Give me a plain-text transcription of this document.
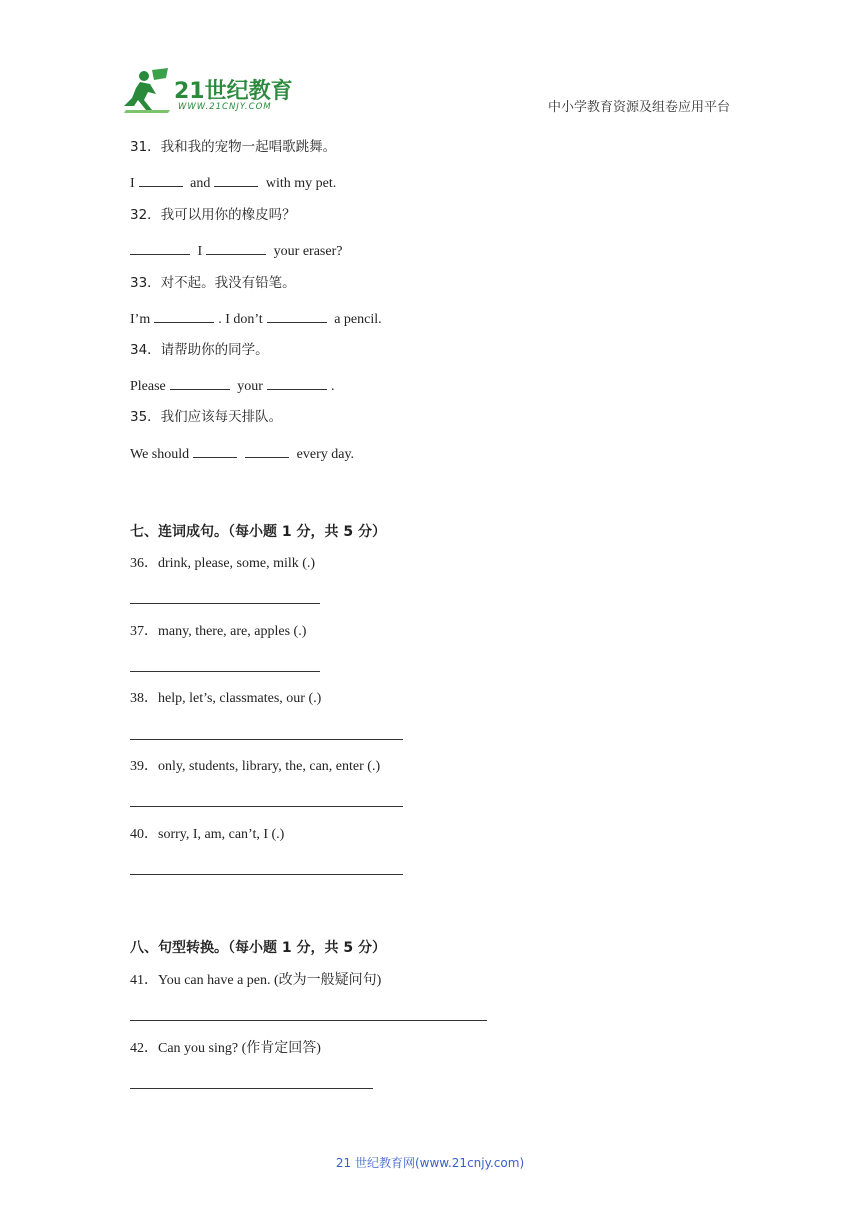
21世纪教育
WWW.21CNJY.COM	中小学教育资源及组卷应用平台
31．我和我的宠物一起唱歌跳舞。
I	and	with my pet.
32．我可以用你的橡皮吗？
I	your eraser?
33．对不起。我没有铅笔。
I’m	. I don’t	a pencil.
34．请帮助你的同学。
Please	your	.
35．我们应该每天排队。
We should	every day.
七、连词成句。（每小题 1 分，共 5 分）
36．drink, please, some, milk (.)
37．many, there, are, apples (.)
38．help, let’s, classmates, our (.)
39．only, students, library, the, can, enter (.)
40．sorry, I, am, can’t, I (.)
八、句型转换。（每小题 1 分，共 5 分）
41．You can have a pen. (改为一般疑问句)
42．Can you sing? (作肯定回答)
21 世纪教育网(www.21cnjy.com)
